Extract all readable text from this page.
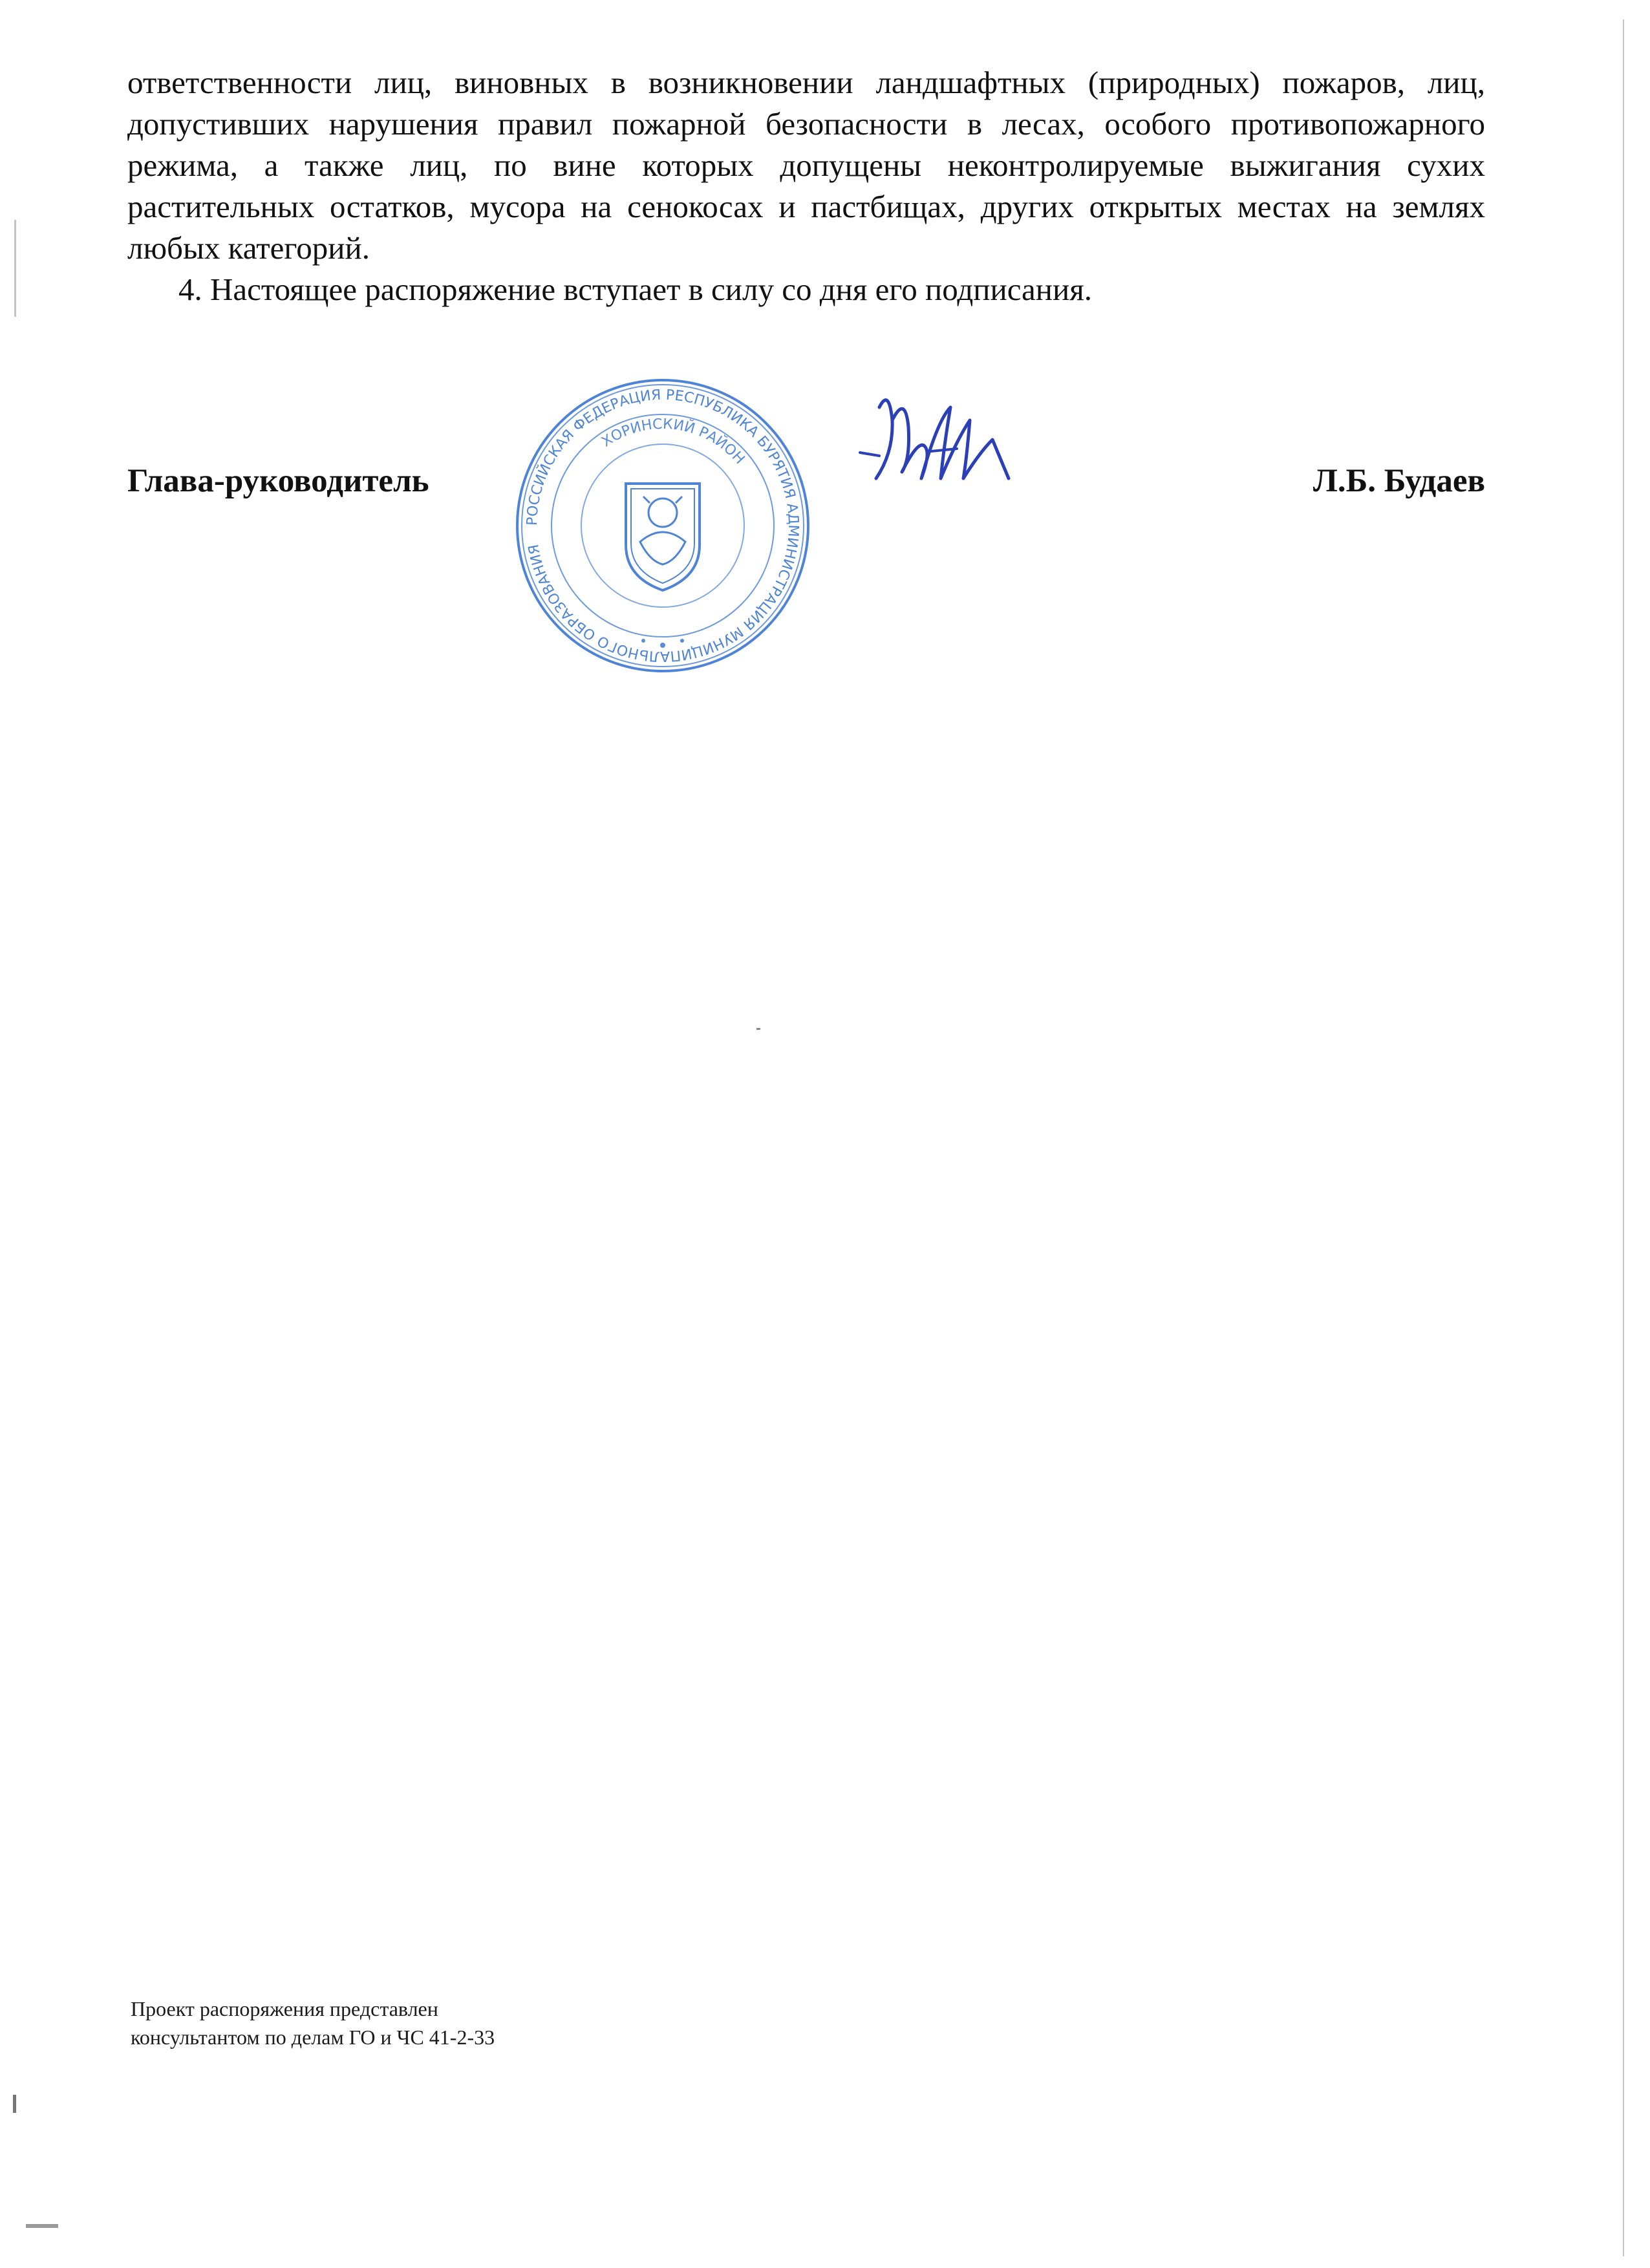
ответственности лиц, виновных в возникновении ландшафтных (природных) пожаров, лиц, допустивших нарушения правил пожарной безопасности в лесах, особого противопожарного режима, а также лиц, по вине которых допущены неконтролируемые выжигания сухих растительных остатков, мусора на сенокосах и пастбищах, других открытых местах на землях любых категорий.

4. Настоящее распоряжение вступает в силу со дня его подписания.

РОССИЙСКАЯ ФЕДЕРАЦИЯ РЕСПУБЛИКА БУРЯТИЯ АДМИНИСТРАЦИЯ МУНИЦИПАЛЬНОГО ОБРАЗОВАНИЯ
ХОРИНСКИЙ РАЙОН
Глава-руководитель	Л.Б. Будаев

Проект распоряжения представлен

консультантом по делам ГО и ЧС 41-2-33
